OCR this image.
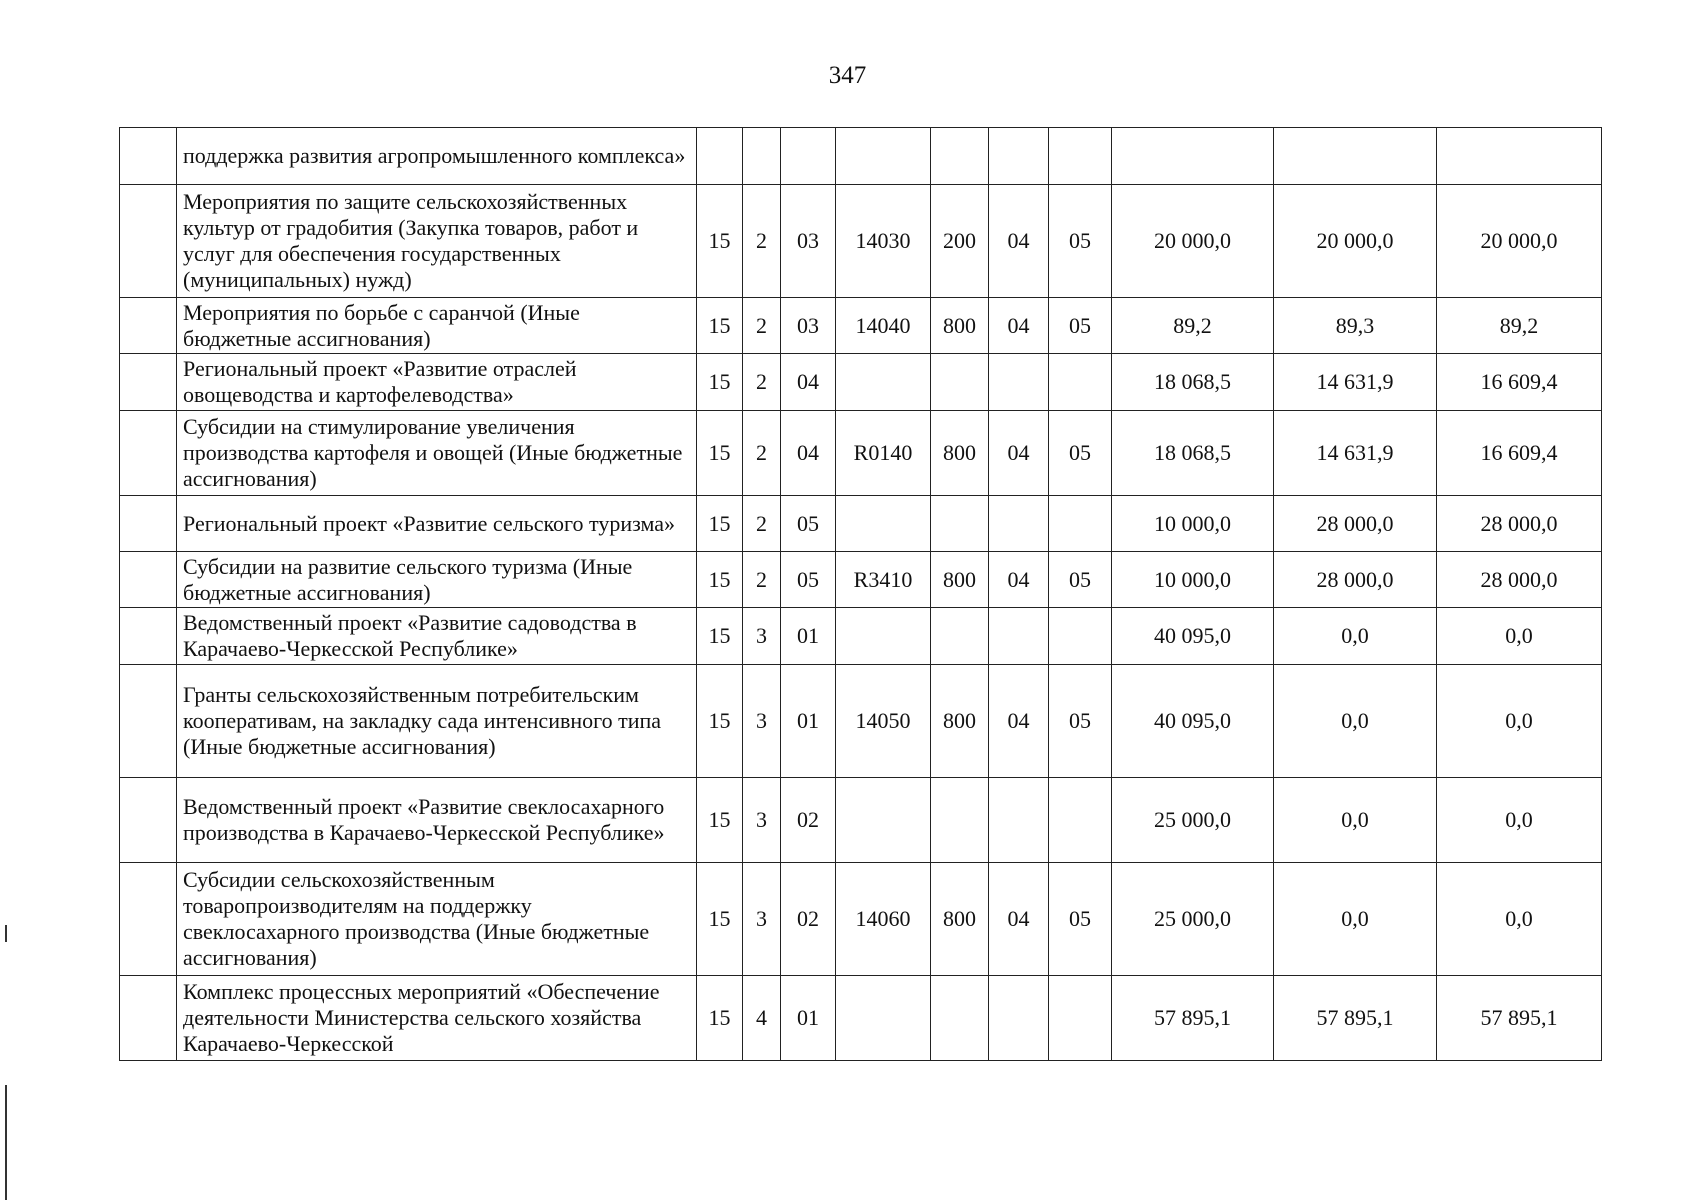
347
	поддержка развития агропромышленного комплекса»										
	Мероприятия по защите сельскохозяйственных культур от градобития (Закупка товаров, работ и услуг для обеспечения государственных (муниципальных) нужд)	15	2	03	14030	200	04	05	20 000,0	20 000,0	20 000,0
	Мероприятия по борьбе с саранчой (Иные бюджетные ассигнования)	15	2	03	14040	800	04	05	89,2	89,3	89,2
	Региональный проект «Развитие отраслей овощеводства и картофелеводства»	15	2	04					18 068,5	14 631,9	16 609,4
	Субсидии на стимулирование увеличения производства картофеля и овощей (Иные бюджетные ассигнования)	15	2	04	R0140	800	04	05	18 068,5	14 631,9	16 609,4
	Региональный проект «Развитие сельского туризма»	15	2	05					10 000,0	28 000,0	28 000,0
	Субсидии на развитие сельского туризма (Иные бюджетные ассигнования)	15	2	05	R3410	800	04	05	10 000,0	28 000,0	28 000,0
	Ведомственный проект «Развитие садоводства в Карачаево-Черкесской Республике»	15	3	01					40 095,0	0,0	0,0
	Гранты сельскохозяйственным потребительским кооперативам, на закладку сада интенсивного типа (Иные бюджетные ассигнования)	15	3	01	14050	800	04	05	40 095,0	0,0	0,0
	Ведомственный проект «Развитие свеклосахарного производства в Карачаево-Черкесской Республике»	15	3	02					25 000,0	0,0	0,0
	Субсидии сельскохозяйственным товаропроизводителям на поддержку свеклосахарного производства (Иные бюджетные ассигнования)	15	3	02	14060	800	04	05	25 000,0	0,0	0,0
	Комплекс процессных мероприятий «Обеспечение деятельности Министерства сельского хозяйства Карачаево-Черкесской	15	4	01					57 895,1	57 895,1	57 895,1
